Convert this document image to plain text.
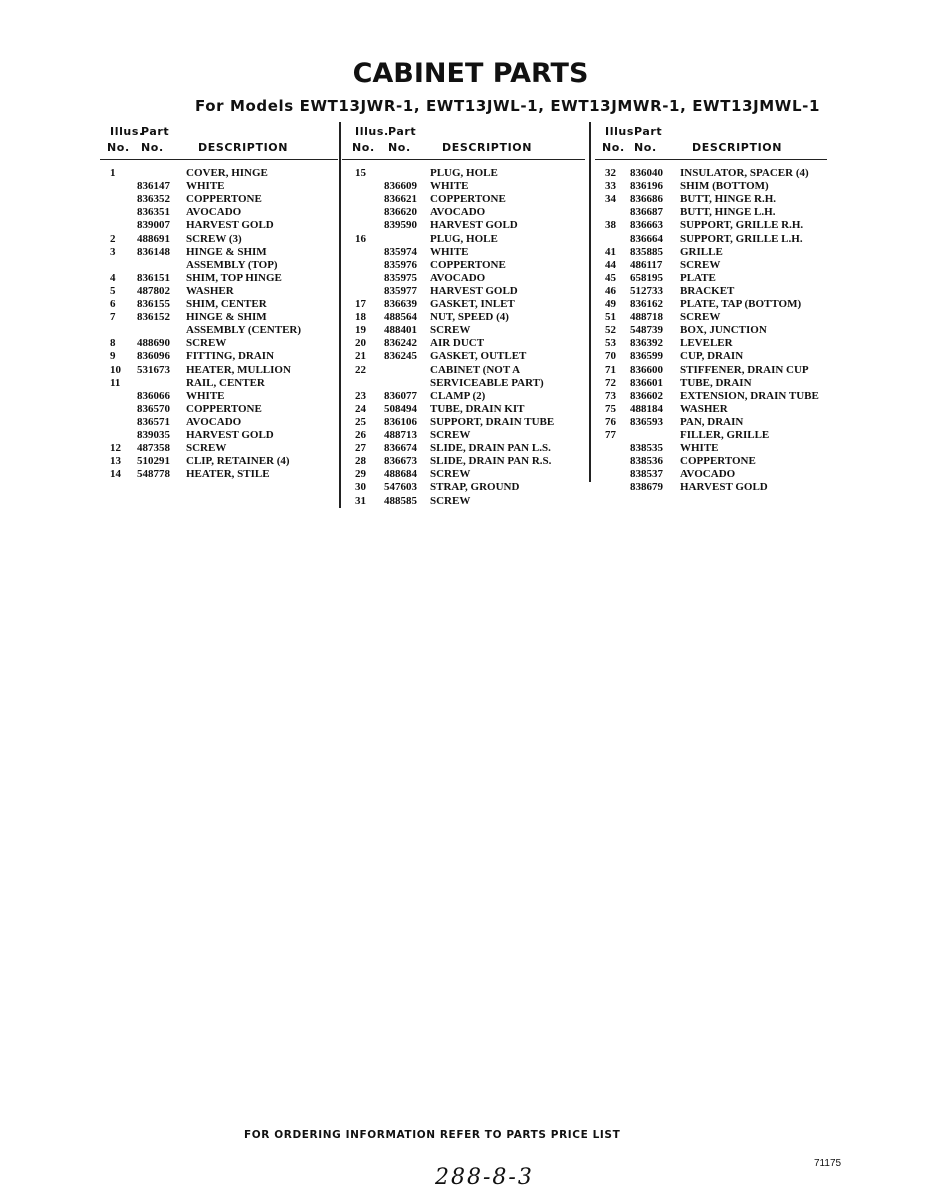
CABINET PARTS
For Models EWT13JWR-1, EWT13JWL-1, EWT13JMWR-1, EWT13JMWL-1
Illus.
Part
No. No.	DESCRIPTION
1	COVER, HINGE
836147 WHITE
836352 COPPERTONE
836351 AVOCADO
839007 HARVEST GOLD
2 488691 SCREW (3)
3 836148 HINGE & SHIM
ASSEMBLY (TOP)
4 836151 SHIM, TOP HINGE
5 487802 WASHER
6 836155 SHIM, CENTER
7 836152 HINGE & SHIM
ASSEMBLY (CENTER)
8 488690 SCREW
9 836096 FITTING, DRAIN
10 531673 HEATER, MULLION
11	RAIL, CENTER
836066 WHITE
836570 COPPERTONE
836571 AVOCADO
839035 HARVEST GOLD
12 487358 SCREW
13 510291 CLIP, RETAINER (4)
14 548778 HEATER, STILE
Illus. Part
No. No.	DESCRIPTION
15	PLUG, HOLE
836609 WHITE
836621 COPPERTONE
836620 AVOCADO
839590 HARVEST GOLD
16	PLUG, HOLE
835974 WHITE
835976 COPPERTONE
835975 AVOCADO
835977 HARVEST GOLD
17 836639 GASKET, INLET
18 488564 NUT, SPEED (4)
19 488401 SCREW
20 836242 AIR DUCT
21 836245 GASKET, OUTLET
22	CABINET (NOT A
SERVICEABLE PART)
23 836077 CLAMP (2)
24 508494 TUBE, DRAIN KIT
25 836106 SUPPORT, DRAIN TUBE
26 488713 SCREW
27 836674 SLIDE, DRAIN PAN L.S.
28 836673 SLIDE, DRAIN PAN R.S.
29 488684 SCREW
30 547603 STRAP, GROUND
31 488585 SCREW
Illus.
Part
No. No.	DESCRIPTION
32 836040 INSULATOR, SPACER (4)
33 836196 SHIM (BOTTOM)
34 836686 BUTT, HINGE R.H.
836687 BUTT, HINGE L.H.
38 836663 SUPPORT, GRILLE R.H.
836664 SUPPORT, GRILLE L.H.
41 835885 GRILLE
44 486117 SCREW
45 658195 PLATE
46 512733 BRACKET
49 836162 PLATE, TAP (BOTTOM)
51 488718 SCREW
52 548739 BOX, JUNCTION
53 836392 LEVELER
70 836599 CUP, DRAIN
71 836600 STIFFENER, DRAIN CUP
72 836601 TUBE, DRAIN
73 836602 EXTENSION, DRAIN TUBE
75 488184 WASHER
76 836593 PAN, DRAIN
77	FILLER, GRILLE
838535 WHITE
838536 COPPERTONE
838537 AVOCADO
838679 HARVEST GOLD
FOR ORDERING INFORMATION REFER TO PARTS PRICE LIST
288-8-3
71175
